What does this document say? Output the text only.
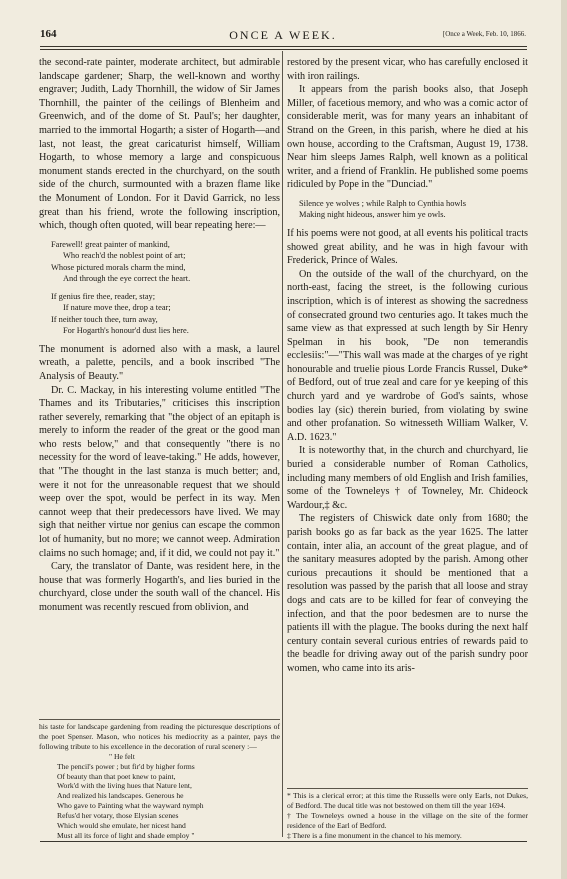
164	ONCE A WEEK.	[Once a Week, Feb. 10, 1866.

the second-rate painter, moderate architect, but admirable landscape gardener; Sharp, the well-known and worthy engraver; Judith, Lady Thornhill, the widow of Sir James Thornhill, the painter of the ceilings of Blenheim and Greenwich, and of the dome of St. Paul's; her daughter, married to the immortal Hogarth; a sister of Hogarth—and last, not least, the great caricaturist himself, William Hogarth, to whose memory a large and conspicuous monument stands erected in the churchyard, on the south side of the church, surmounted with a brazen flame like the Monument of London. For it David Garrick, no less great than his friend, wrote the following inscription, which, though often quoted, will bear repeating here:—

Farewell! great painter of mankind,
Who reach'd the noblest point of art;
Whose pictured morals charm the mind,
And through the eye correct the heart.
If genius fire thee, reader, stay;
If nature move thee, drop a tear;
If neither touch thee, turn away,
For Hogarth's honour'd dust lies here.

The monument is adorned also with a mask, a laurel wreath, a palette, pencils, and a book inscribed "The Analysis of Beauty."

Dr. C. Mackay, in his interesting volume entitled "The Thames and its Tributaries," criticises this inscription rather severely, remarking that "the object of an epitaph is merely to inform the reader of the great or the good man who rests below," and that consequently "there is no necessity for the word of leave-taking." He adds, however, that "The thought in the last stanza is much better; and, were it not for the unreasonable request that we should weep over the spot, would be perfect in its way. Men cannot weep that their predecessors have lived. We may sigh that neither virtue nor genius can escape the common lot of humanity, but no more; we cannot weep. Admiration claims no such homage; and, if it did, we could not pay it."

Cary, the translator of Dante, was resident here, in the house that was formerly Hogarth's, and lies buried in the churchyard, close under the south wall of the chancel. His monument was recently rescued from oblivion, and

his taste for landscape gardening from reading the picturesque descriptions of the poet Spenser. Mason, who notices his mediocrity as a painter, pays the following tribute to his excellence in the decoration of rural scenery :—

" He felt
The pencil's power ; but fir'd by higher forms
Of beauty than that poet knew to paint,
Work'd with the living hues that Nature lent,
And realized his landscapes. Generous he
Who gave to Painting what the wayward nymph
Refus'd her votary, those Elysian scenes
Which would she emulate, her nicest hand
Must all its force of light and shade employ "

restored by the present vicar, who has carefully enclosed it with iron railings.

It appears from the parish books also, that Joseph Miller, of facetious memory, and who was a comic actor of considerable merit, was for many years an inhabitant of Strand on the Green, in this parish, where he died at his own house, according to the Craftsman, August 19, 1738. Near him sleeps James Ralph, well known as a political writer, and a friend of Franklin. He published some poems ridiculed by Pope in the "Dunciad."

Silence ye wolves ; while Ralph to Cynthia howls
Making night hideous, answer him ye owls.

If his poems were not good, at all events his political tracts showed great ability, and he was in high favour with Frederick, Prince of Wales.

On the outside of the wall of the churchyard, on the north-east, facing the street, is the following curious inscription, which is of interest as showing the sacredness of consecrated ground two centuries ago. It takes much the same view as that expressed at such length by Sir Henry Spelman in his book, "De non temerandis ecclesiis:"—"This wall was made at the charges of ye right honourable and truelie pious Lorde Francis Russel, Duke* of Bedford, out of true zeal and care for ye keeping of this church yard and ye wardrobe of God's saints, whose bodies lay (sic) therein buried, from violating by swine and other profanation. So witnesseth William Walker, V. A.D. 1623."

It is noteworthy that, in the church and churchyard, lie buried a considerable number of Roman Catholics, including many members of old English and Irish families, some of the Towneleys † of Towneley, Mr. Chideock Wardour,‡ &c.

The registers of Chiswick date only from 1680; the parish books go as far back as the year 1625. The latter contain, inter alia, an account of the great plague, and of the sanitary measures adopted by the parish. Among other curious precautions it should be mentioned that a resolution was passed by the parish that all loose and stray dogs and cats are to be killed for fear of conveying the infection, and that the poor bedesmen are to nurse the patients ill with the plague. The books during the next half century contain several curious entries of rewards paid to the beadle for driving away out of the parish sundry poor women, who came into its aris-

* This is a clerical error; at this time the Russells were only Earls, not Dukes, of Bedford. The ducal title was not bestowed on them till the year 1694.

† The Towneleys owned a house in the village on the site of the former residence of the Earl of Bedford.

‡ There is a fine monument in the chancel to his memory.
